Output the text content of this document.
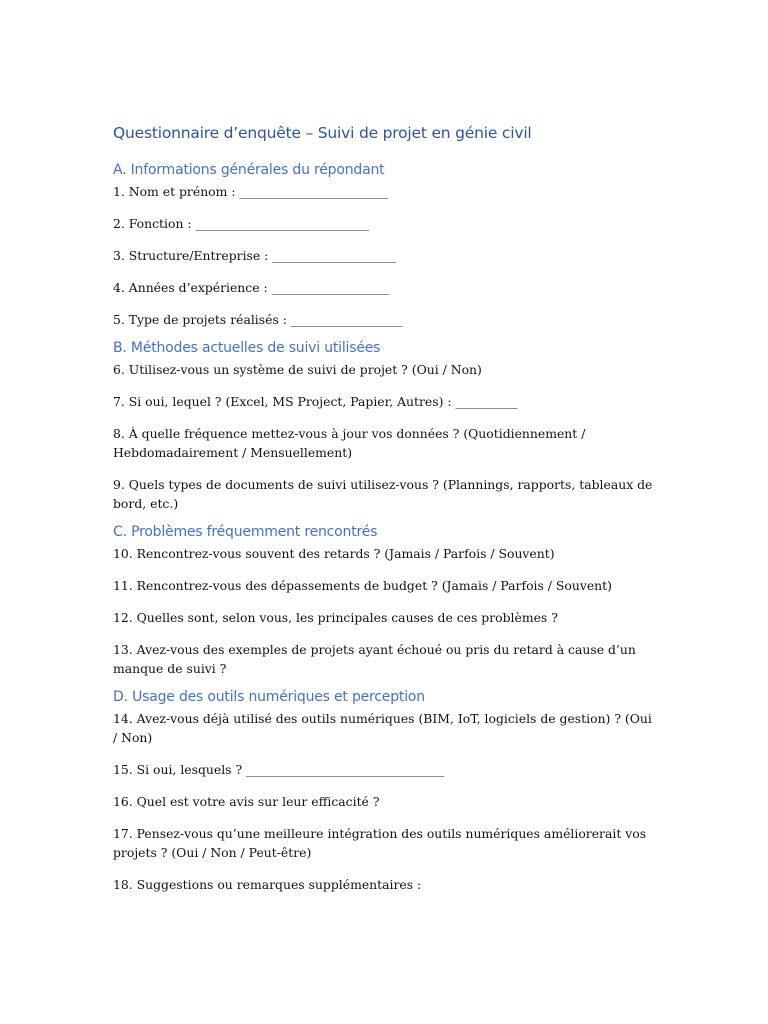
Questionnaire d’enquête – Suivi de projet en génie civil
A. Informations générales du répondant

1. Nom et prénom : ________________________

2. Fonction : ____________________________

3. Structure/Entreprise : ____________________

4. Années d’expérience : ___________________

5. Type de projets réalisés : __________________

B. Méthodes actuelles de suivi utilisées

6. Utilisez-vous un système de suivi de projet ? (Oui / Non)

7. Si oui, lequel ? (Excel, MS Project, Papier, Autres) : __________

8. À quelle fréquence mettez-vous à jour vos données ? (Quotidiennement / Hebdomadairement / Mensuellement)

9. Quels types de documents de suivi utilisez-vous ? (Plannings, rapports, tableaux de bord, etc.)

C. Problèmes fréquemment rencontrés

10. Rencontrez-vous souvent des retards ? (Jamais / Parfois / Souvent)

11. Rencontrez-vous des dépassements de budget ? (Jamais / Parfois / Souvent)

12. Quelles sont, selon vous, les principales causes de ces problèmes ?

13. Avez-vous des exemples de projets ayant échoué ou pris du retard à cause d’un manque de suivi ?

D. Usage des outils numériques et perception

14. Avez-vous déjà utilisé des outils numériques (BIM, IoT, logiciels de gestion) ? (Oui / Non)

15. Si oui, lesquels ? ________________________________

16. Quel est votre avis sur leur efficacité ?

17. Pensez-vous qu’une meilleure intégration des outils numériques améliorerait vos projets ? (Oui / Non / Peut-être)

18. Suggestions ou remarques supplémentaires :
